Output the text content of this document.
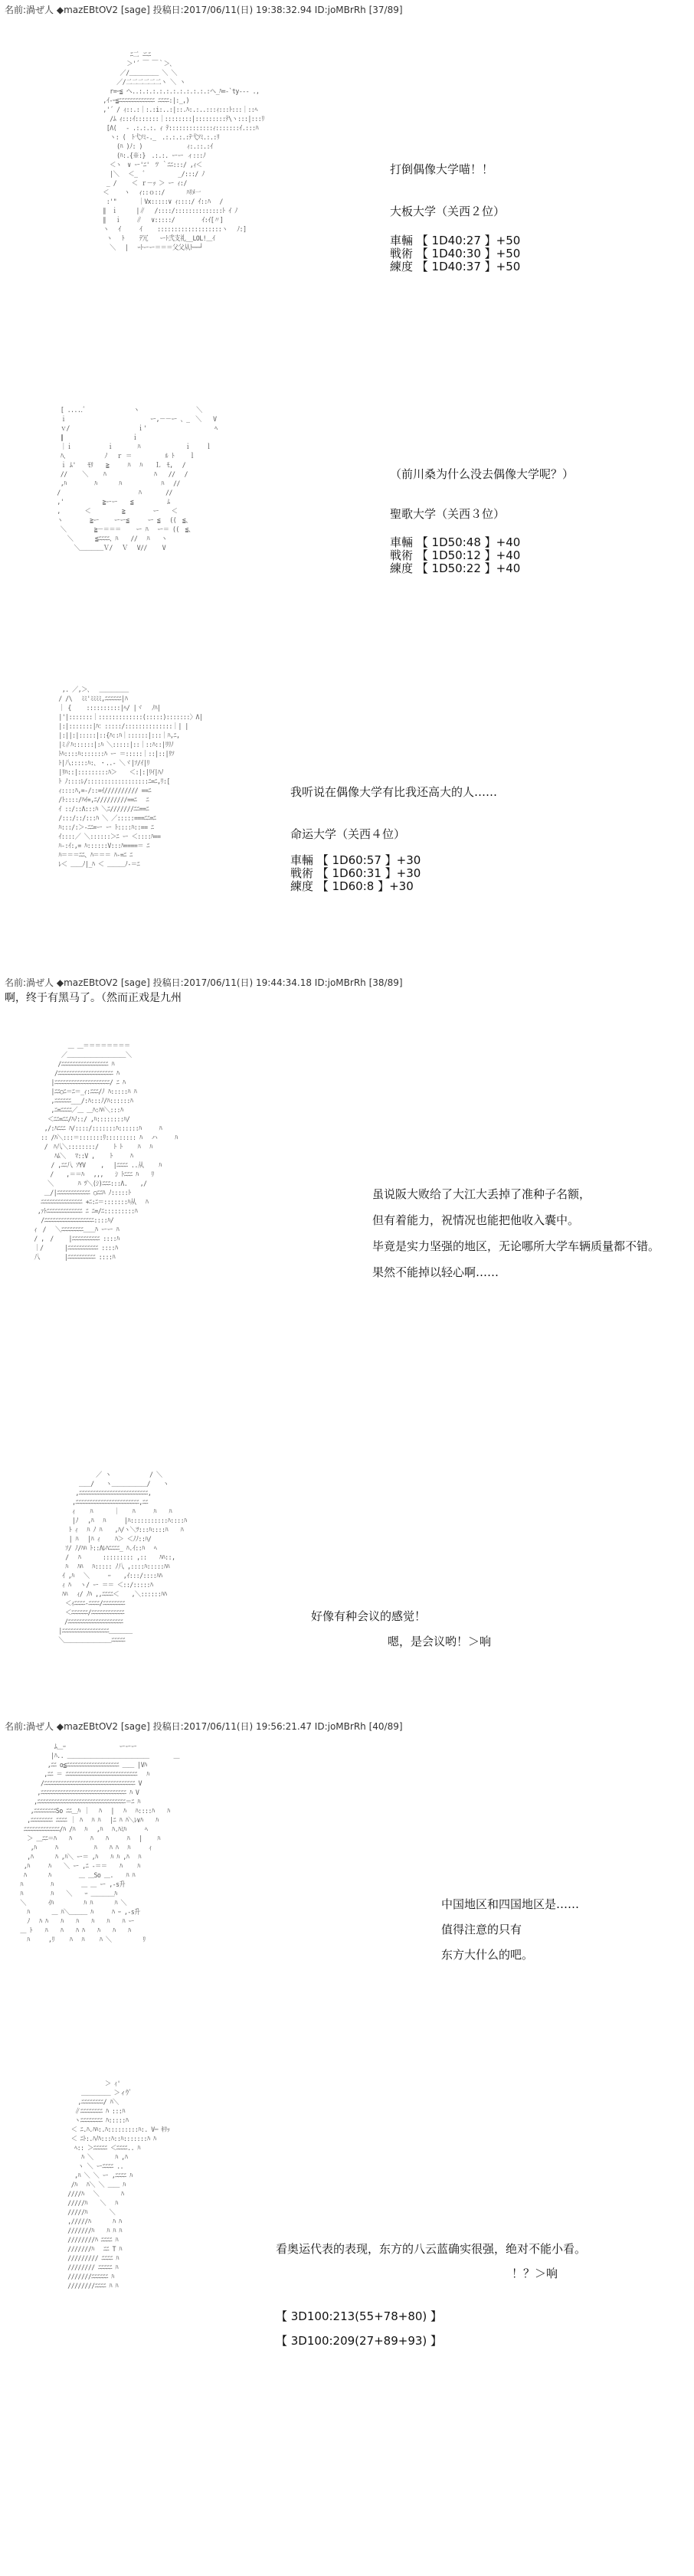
名前:渦ぜ人 ◆mazEBtOV2 [sage] 投稿日:2017/06/11(日) 19:38:32.94 ID:joMBrRh [37/89]
ﾆ二 ニﾆ
＞'´ ￣ ￣｀＞､
／/＿＿＿＿＿ ＼ ＼
／/二二二二二二ヽ ＼ ヽ
r=ｰ≦ ヘ..:.:.:.:.:.:.:.:.:.:.:ヘ_ﾊ=-`ty‐-- .,
,ｲ-ｰ≦ﾆﾆﾆﾆﾆﾆﾆﾆﾆﾆﾆﾆﾆ ﾆﾆﾆﾆ:|:_,)
,'´ / ｨ::.:｜:.:i:..:|::.ﾊ:.:..:::ｨ:::ﾄ:::｜::ﾍ
/ﾑ ｨ:::ｲ:::::::｜::::::::|:::::::::ﾃ\ヽ:::|:::ﾘ
[Λ( 　‐ .:.:.:. ｨ ﾃ:::::::::::::ｨ:::::::ｲ.:::ﾊ
ヽ: (　ﾄ弋ｿﾐ-._　.:.:.:.:ﾃ弋ｿﾐ.:.:ﾘ
(ﾊ )ﾉ: ) 　　　　　　　ｨ:.::.:ｲ
(ﾊ:.{※:}　.:.:. ーー ィ:::ﾉ
＜ヽ　∨ ー'ﾆ'　ﾂ ｀ﾆﾆ:::/ ,ｨ＜
|＼　 ＜_  ﾞ　　　　　 _/:::/ ﾉ
_ /　　 ＜ ｒ－ｯ ＞ ー ｨ:/
＜ 　　ヽ　 ｨ::ｏ::/ 　　  ﾊﾘﾒ一
:'" 　 　 ｜Vx:::::∨ ｨ::::/ ｲ::ﾊ 　/
∥　ｉ　 　 |∥　 /::::/::::::::::::::ﾄ ｲ ﾉ
∥ 　ｉ　　 ∥　 ∨:::::/　　　　 ｲ:ｲ[〃]
ヽ　 ｲ 　　 ｲ　　 :::::::::::::::::::ヽ　 ﾉ:]
ヽ　 ﾄ 　　ﾃ冗　　ーﾄ弐支礼__LOL!＿ｲ
＼ 　| 　ｰﾄーー＝＝＝父父从ﾄ──┘
打倒偶像大学喵！！
大板大学（关西２位）
車輛 【 1D40:27 】+50
戦術 【 1D40:30 】+50
練度 【 1D40:37 】+50
[ .....ﾞ  　　　　　　　ヽ 　 　　　 　　　　＼
ｉ 　　　　　 　　　　　 　 　ー,－－ー 、_　＼　　V
ｖ/　　　　　　　　　　　 ｉ'　　　　　　　　　　　 ﾍ
∥　　　　 　　　　　 　 ｉ
｜ｉ　　　　　　ｉ 　　 　ﾊ　　　　　　　 ｉ　　 ｌ
ﾊ、　 　　　　　ﾉ　 ｒ ＝　　 　 　 ﾙ ﾄ　　 ｌ
ｉ ﾑ'　　ﾓﾘ 　 ≧ 　　 ﾊ 　ﾊ 　 Ｌ　ﾓ,　 /
//　 　＼ 　　ﾊ 　　　　　　　 ﾊ　　//　 /
,ﾊ 　 　 　ﾊ 　 　 ﾊ 　　　　 　 ﾊ　 //
/　　　 　　　 　 　　　　 ﾊ 　　 　//
,'　　　　　　 ≧ーー 　 ≦ 　　 　　 ﾑ
,　 　 　＜ 　 　 　 ≧ 　　 　 ー 　 ＜
ヽ　　　　 ≧ー　　 ーー≦ 　　 ー ≦ 　((　≦、
＼ 　 　　 ≧－＝＝＝　 　ー ﾊ　 ー＝ ((　≦、
＼ 　 　 ≦ﾆﾆﾆﾆ、ﾊ 　 //　 ﾊ　　ヽ
＼＿＿＿＿Ｖ/ 　Ｖ 　V// 　　V
（前川桑为什么没去偶像大学呢？）
聖歌大学（关西３位）
車輛 【 1D50:48 】+40
戦術 【 1D50:12 】+40
練度 【 1D50:22 】+40
,. ／,＞､ 　＿＿＿＿＿
/ /\ 　ﾐﾐ'ﾐﾐﾐﾐ,ﾆﾆﾆﾆﾆﾆ|ﾊ
｜ {　　 ::::::::::|ﾍ/ |ヾ 　ﾉﾊ|
|'|:::::::｜:::::::::::::(:::::):::::::〉Λ|
|:|:::::::|ﾊ：:::::/::::::::::::::｜| |
|:||:|:::::|::{ﾊ::ﾊ｜::::::|:::｜ﾊ,ﾆ,
|ﾐ∥ﾊ::::::|:ﾊ ＼:::::|::｜::ﾊ::|ﾘﾘﾉ
ﾄﾊ::::ﾊ:::::::ﾊ ー ＝:::::｜::|::|ﾘｿ
ﾄ|八:::::ﾊ:､ ・..‐ ＼ヾ|ｿ/ｲ|ﾘ
|ﾘﾊ::|:::::::::ﾊ＞ 　 ＜:|:|ﾘｲ|ﾊﾉ
ﾄ ﾉ::::ﾚ/::::::::::::::::::ﾆ=ﾆ,ﾘ:[
ｨ::::ﾊ,=-/::=ｲ////////// ==ﾆ
/ﾄ::::/ﾊｲ=,ﾆ/////////==ﾆ　 ﾆ
ｲ ::/::Λ:::ﾊ ＼ﾆ///////ﾆﾆ==ﾆ
/:::/::/:::ﾊ ＼ ／:::::===ﾆﾆ=ﾆ
ﾊ:::/:＞-ﾆﾆ=ー ー ﾄ::::ﾊ::== ﾆ
ｲ::::／ ＼::::::＞ﾆ ー ＜::::ﾊ==
ﾊ-:ｲ:,= ﾊ::::::V:::ﾊ====＝ ﾆ
ﾊ＝＝＝ﾆﾆ、ﾊ＝＝＝ ﾊ-=ﾆ ﾆ
ﾚ＜ ＿＿ﾉ|_ﾊ ＜ ＿＿＿ﾉ-＝ﾆ
我听说在偶像大学有比我还高大的人……
命运大学（关西４位）
車輛 【 1D60:57 】+30
戦術 【 1D60:31 】+30
練度 【 1D60:8 】+30
名前:渦ぜ人 ◆mazEBtOV2 [sage] 投稿日:2017/06/11(日) 19:44:34.18 ID:joMBrRh [38/89]
啊，终于有黑马了。（然而正戏是九州
＿ ＿＝＝＝＝＝＝＝＝
／＿＿＿＿＿＿＿＿＿＿＼
/ﾆﾆﾆﾆﾆﾆﾆﾆﾆﾆﾆﾆﾆﾆﾆﾆﾆ ﾊ
/ﾆﾆﾆﾆﾆﾆﾆﾆﾆﾆﾆﾆﾆﾆﾆﾆﾆﾆﾆﾆ ﾊ
|ﾆﾆﾆﾆﾆﾆﾆﾆﾆﾆﾆﾆﾆﾆﾆﾆﾆﾆﾆﾆ/ ﾆ ﾊ
|ﾆﾆ○ﾆ＝ﾆ＝_ｨ:ﾆﾆﾆ/ﾉ ﾊ:::::ﾊ ﾊ
,ﾆﾆﾆﾆﾆﾆ___/:ﾊ:::ﾉ/ﾊ::::::ﾊ
,ﾆ=ﾆﾆﾆﾆ／＿ ＿ﾊ:ﾊﾊ＼:::ﾊ
＜ﾆﾆ=ﾆﾆ/ﾊﾉ::/ ,ﾊ::::::::ﾊ/
,/:ﾊﾆﾆﾆ ﾊ/::::/:::::::ﾊ::::::ﾊ　　　ﾊ
:: /ﾊ＼:::＝:::::::ﾘ::::::::: ﾊ　 ハ　　　ﾊ
/　ﾊ八＼::::::::/ 　　ﾄ ﾄ　 　ﾊ 　ﾊ
ﾊﾑ＼ 　ﾏ::V ,　　 ﾄ　　　ﾊ
/ ,ﾆﾆ八 ｿYV　　 ,　 |ﾆﾆﾆﾆ ..从 　　ﾊ
　/ 　 ,＝＝ﾊ　 ,,,　　ｼ ﾄﾆﾆﾆ ﾊ 　 ﾘ
＼ 　 　　ﾊ ﾂ＼(ｼ)ﾆﾆﾆ:::Λ. 　 ,/
＿/|ﾆﾆﾆﾆﾆﾆﾆﾆﾆﾆﾆﾆ ○ﾆﾆﾊ ﾉ:::::ﾄ
ﾆﾆﾆﾆﾆﾆﾆﾆﾆﾆﾆﾆﾆﾆﾆ +ﾆ:ﾆ＝:::::::ﾊ从 　ﾊ
,ｧﾄﾆﾆﾆﾆﾆﾆﾆﾆﾆﾆﾆﾆﾆ ﾆ ﾆ=/ﾆ:::::::::ﾊ
/ﾆﾆﾆﾆﾆﾆﾆﾆﾆﾆﾆﾆﾆﾆﾆﾆﾆﾆ::::ﾊ/
ｨ　/　 ＼ﾆﾆﾆﾆﾆﾆﾆﾆ＿＿ﾊ ーー ﾊ
/ ,　/　　 |ﾆﾆﾆﾆﾆﾆﾆﾆﾆﾆ ::::ﾊ
｜/　　　 |ﾆﾆﾆﾆﾆﾆﾆﾆﾆﾆﾆ ::::ﾊ
八 　　　 |ﾆﾆﾆﾆﾆﾆﾆﾆﾆﾆ ::::ﾊ
虽说阪大败给了大江大丢掉了准种子名额，
但有着能力，祝情况也能把他收入囊中。
毕竟是实力坚强的地区，无论哪所大学车辆质量都不错。
果然不能掉以轻心啊……
／ ヽ 　　　　　　/ ＼
＿＿/　　ヽ＿＿＿＿＿＿/ 　 ヽ
,ﾆﾆﾆﾆﾆﾆﾆﾆﾆﾆﾆﾆﾆﾆﾆﾆﾆﾆﾆﾆﾆﾆﾆﾆﾆ,
,ﾆﾆﾆﾆﾆﾆﾆﾆﾆﾆﾆﾆﾆﾆﾆﾆﾆﾆﾆﾆﾆﾆﾆ,ﾆﾆ
ｨ 　　ﾊ 　　　｜ 　 ﾊ 　 　ﾊ 　 ﾊ
|ﾉ　 ,ﾊ　 ﾊ 　 　|ﾊ:::::::::::ﾊ::::ﾊ
ﾄ ｨ　 ﾊ ﾉ ﾊ 　 ,ﾊ/ヽ＼ﾂ:::ﾊ::::ﾊ 　 ﾊ
| ﾊ 　|ﾊ ｨ 　　ﾊ＞ ＜ﾉﾉ::ﾊ/
ｿ/ ﾉ/ﾊﾊ ﾄ::Λﾚﾊﾆﾆﾆﾆ_ ﾊ.ｲ::ﾊ 　ﾍ
/ 　ﾊ 　 　 ::::::::: ,:: 　 ﾊﾊ::,
ﾊ 　ﾊﾊ 　ﾊ::::: ﾉ八 ,::::ﾊ:::::ﾊﾊ
ｲ ,ﾊ 　＼ 　　 ｰ 　 ,ｲ:::/::::ﾊﾊ
ｨ ﾊ 　ヽ/ ー ＝＝ ＜::/:::::ﾊ
ﾊﾊ 　ｨ/ ﾉﾊ ,,ﾆﾆﾆﾆ＜ 　 ,＼::::::ﾊﾊ
＜ｨﾆﾆﾆﾆ-ﾆﾆﾆﾆ/ﾆﾆﾆﾆﾆﾆﾆﾆ
＜ﾆﾆﾆﾆﾆﾆ/ﾆﾆﾆﾆﾆﾆﾆﾆﾆﾆﾆﾆ
　/ﾆﾆﾆﾆﾆﾆﾆﾆﾆﾆﾆﾆﾆﾆﾆﾆﾆﾆﾆﾆ
|ﾆﾆﾆﾆﾆﾆﾆﾆﾆﾆﾆﾆﾆﾆﾆﾆﾆ＿＿＿＿
＼＿＿＿＿＿＿＿＿ﾆﾆﾆﾆﾆ
好像有种会议的感觉！
嗯，是会议哟！＞响
名前:渦ぜ人 ◆mazEBtOV2 [sage] 投稿日:2017/06/11(日) 19:56:21.47 ID:joMBrRh [40/89]
ﾑ＿ｰ　　　　　 　　　 ーーー
|ﾊ.. ＿＿＿＿＿＿＿＿＿＿＿＿＿＿ 　　　 ＿
,ﾆﾆ o≦ﾆﾆﾆﾆﾆﾆﾆﾆﾆﾆﾆﾆﾆﾆﾆﾆﾆﾆﾆ ＿＿ |Vﾊ
,ﾆﾆ ＝ ﾆﾆﾆﾆﾆﾆﾆﾆﾆﾆﾆﾆﾆﾆﾆﾆﾆﾆﾆﾆﾆﾆﾆﾆﾆﾆ　 ﾊ
/ﾆﾆﾆﾆﾆﾆﾆﾆﾆﾆﾆﾆﾆﾆﾆﾆﾆﾆﾆﾆﾆﾆﾆﾆﾆﾆﾆﾆﾆﾆﾆﾆﾆ V
,ﾆﾆﾆﾆﾆﾆﾆﾆﾆﾆﾆﾆﾆﾆﾆﾆﾆﾆﾆﾆﾆﾆﾆﾆﾆﾆﾆﾆﾆﾆﾆ ﾊ V
,ﾆﾆﾆﾆﾆﾆﾆﾆﾆﾆﾆﾆﾆﾆﾆﾆﾆﾆﾆﾆﾆﾆﾆﾆﾆﾆﾆﾆﾆﾆﾆﾆ＝ﾆ ﾊ
,ﾆﾆﾆﾆﾆﾆﾆﾆSo ﾆﾆ＿ﾊ ｜　 ﾊ 　|　 ﾊ 　ﾊ::::ﾊ 　 ﾊ
,ﾆﾆﾆﾆﾆﾆﾆﾆ ﾆﾆﾆﾆ ｜ ﾊ　 ﾊ ﾊ　 |ﾆ ﾊ ﾊ＼ﾚ∨ﾊ 　 ﾊ
ﾆﾆﾆﾆﾆﾆﾆﾆﾆﾆﾆﾆﾆ/ﾊ /ﾊ 　ﾊ　 ,ﾊ 　ﾊ.ﾊﾐﾊ 　　 ﾍ
＞ ＿ﾆﾆ＝ﾊ 　 ﾊ 　 　ﾊ 　 ﾊ 　 　ﾊ　 |　 　ﾊ
,ﾊ 　　 ﾊ 　　　　　 ﾊ 　 ﾊ ﾊ 　ﾊ 　　 ｨ
,ﾊ 　 　 ﾊ ,ﾊ＼ ー＝ ,ﾊ 　 ﾊ ﾊ ,ﾊ 　ﾊ
,ﾊ 　 　ﾊ 　 ＼ ー ,ﾆ -＝＝ 　 ﾊ 　　ﾊ
ﾊ 　 　 ﾊ 　　 　 ＿ ＿So ＿. 　 ﾊ ﾊ
ﾊ 　 　 　ﾊ 　　 　 ＿ ＿ ー ,-s升
ﾊ 　 　 　ﾊ 　 ＼ 　 ｰ ＿＿＿＿ﾊ
＼ 　 　 ｲﾊ 　　　　 ﾊ ﾊ 　 　 ﾊ ＼
ﾊ 　 　 ＿ ﾊ＼＿＿＿ ﾊ 　　 ﾊ ｰ ,-s升
ﾉ 　ﾊ ﾊ 　 ﾊ 　 ﾊ 　 ﾊ 　 ﾊ 　 ﾊ ー
＿ ﾄ 　 ﾊ 　 ﾊ 　 ﾊ ﾊ 　 ﾊ 　 ﾊ 　 ﾊ
ﾊ　 　 ,ﾘ 　　ﾊ　 ﾊ　　 ﾊ ＼ 　 　 　 ﾘ
中国地区和四国地区是……
值得注意的只有
东方大什么的吧。
＞ ｨ' 　
＿＿＿＿＿ ＞ィｳﾞ
,ﾆﾆﾆﾆﾆﾆﾆﾆ/ ﾊ＼
∥ﾆﾆﾆﾆﾆﾆﾆﾆ ﾊ :::ﾊ
ヽﾆﾆﾆﾆﾆﾆﾆﾆ ﾊ:::::ﾊ
＜ ﾆ.ﾊ.ﾊﾊ:.ﾊ:::::::::ﾊ:. V─ ｷﾘｯ
＜ ﾆﾄ:.ﾊﾉﾊ:::ﾊ::ﾊ:::::::ﾊ ﾊ
ﾍ:: ＞ﾆﾆﾆﾆﾆ ＜ﾆﾆﾆﾆ.. ﾊ
ﾊ ＼ 　 　 ﾊ ,ﾊ
ヽ ＼ ーﾆﾆﾆﾆ ..
,ﾊ ＼ ＼ ー ,ﾆﾆﾆﾆ ﾊ
/ﾊ 　ﾊ＼ ＼ ＿＿ ﾊ
////ﾊ 　＼ 　 　 ﾊ
/////ﾊ 　 ＼ 　ﾊ
/////ﾊ 　 　 ＼
,/////ﾊ 　 　 ﾊ ﾊ
///////ﾊ 　 ﾊ ﾊ ﾊ
////////ﾊ ﾆﾆﾆﾆ ﾊ
///////ﾊ 　ﾆﾆ T ﾊ
///////// ﾆﾆﾆﾆ ﾊ
//////// ﾆﾆﾆﾆﾆ ﾊ
///////ﾆﾆﾆﾆﾆﾆ ﾊ
////////ﾆﾆﾆﾆ ﾊ ﾊ
看奥运代表的表现，东方的八云蓝确实很强，绝对不能小看。
！？＞响
【 3D100:213(55+78+80) 】
【 3D100:209(27+89+93) 】
